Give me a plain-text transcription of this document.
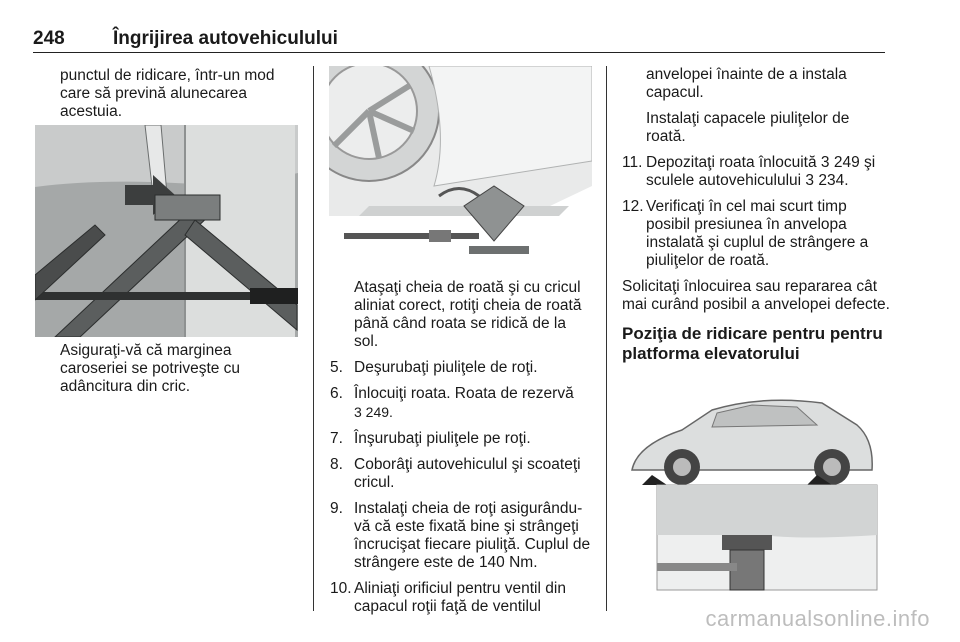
248	Îngrijirea autovehiculului

punctul de ridicare, într-un mod care să prevină alunecarea acestuia.

Asiguraţi-vă că marginea caroseriei se potriveşte cu adâncitura din cric.

Ataşaţi cheia de roată şi cu cricul aliniat corect, rotiţi cheia de roată până când roata se ridică de la sol.

5. Deşurubaţi piuliţele de roţi.
6. Înlocuiţi roata. Roata de rezervă
3 249.
7. Înşurubaţi piuliţele pe roţi.
8. Coborâţi autovehiculul şi scoateţi cricul.
9. Instalaţi cheia de roţi asigurându-vă că este fixată bine şi strângeţi încrucişat fiecare piuliţă. Cuplul de strângere este de 140 Nm.
10. Aliniaţi orificiul pentru ventil din capacul roţii faţă de ventilul

anvelopei înainte de a instala capacul.

Instalaţi capacele piuliţelor de roată.

11. Depozitaţi roata înlocuită 3 249 şi sculele autovehiculului 3 234.
12. Verificaţi în cel mai scurt timp posibil presiunea în anvelopa instalată şi cuplul de strângere a piuliţelor de roată.

Solicitaţi înlocuirea sau repararea cât mai curând posibil a anvelopei defecte.

Poziţia de ridicare pentru pentru platforma elevatorului

carmanualsonline.info
